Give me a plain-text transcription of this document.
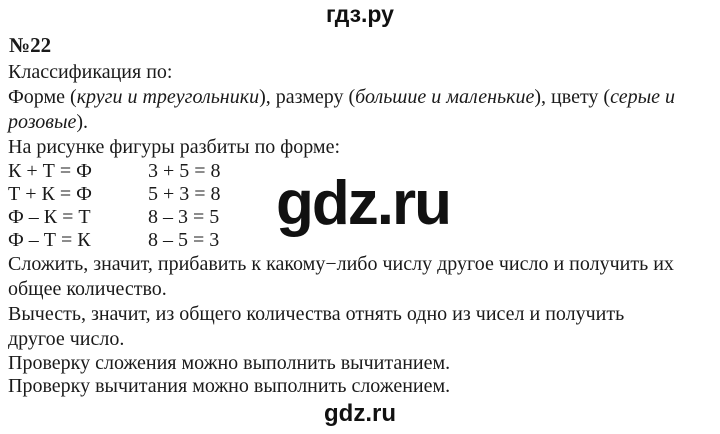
гдз.ру
№22
Классификация по:
Форме (круги и треугольники), размеру (большие и маленькие), цвету (серые и
розовые).
На рисунке фигуры разбиты по форме:
К + Т = Ф	3 + 5 = 8
Т + К = Ф	5 + 3 = 8
Ф – К = Т	8 – 3 = 5
Ф – Т = К	8 – 5 = 3
Сложить, значит, прибавить к какому−либо числу другое число и получить их
общее количество.
Вычесть, значит, из общего количества отнять одно из чисел и получить
другое число.
Проверку сложения можно выполнить вычитанием.
Проверку вычитания можно выполнить сложением.
gdz.ru
gdz.ru
